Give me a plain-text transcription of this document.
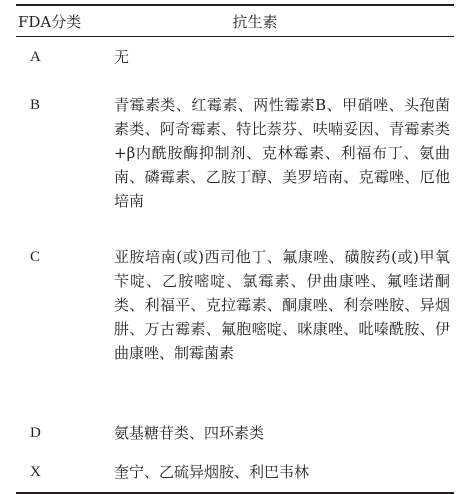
FDA分类	抗生素
A	无
B	青霉素类、红霉素、两性霉素B、甲硝唑、头孢菌素类、阿奇霉素、特比萘芬、呋喃妥因、青霉素类+β内酰胺酶抑制剂、克林霉素、利福布丁、氨曲南、磷霉素、乙胺丁醇、美罗培南、克霉唑、厄他培南
C	亚胺培南(或)西司他丁、氟康唑、磺胺药(或)甲氧苄啶、乙胺嘧啶、氯霉素、伊曲康唑、氟喹诺酮类、利福平、克拉霉素、酮康唑、利奈唑胺、异烟肼、万古霉素、氟胞嘧啶、咪康唑、吡嗪酰胺、伊曲康唑、制霉菌素
D	氨基糖苷类、四环素类
X	奎宁、乙硫异烟胺、利巴韦林
